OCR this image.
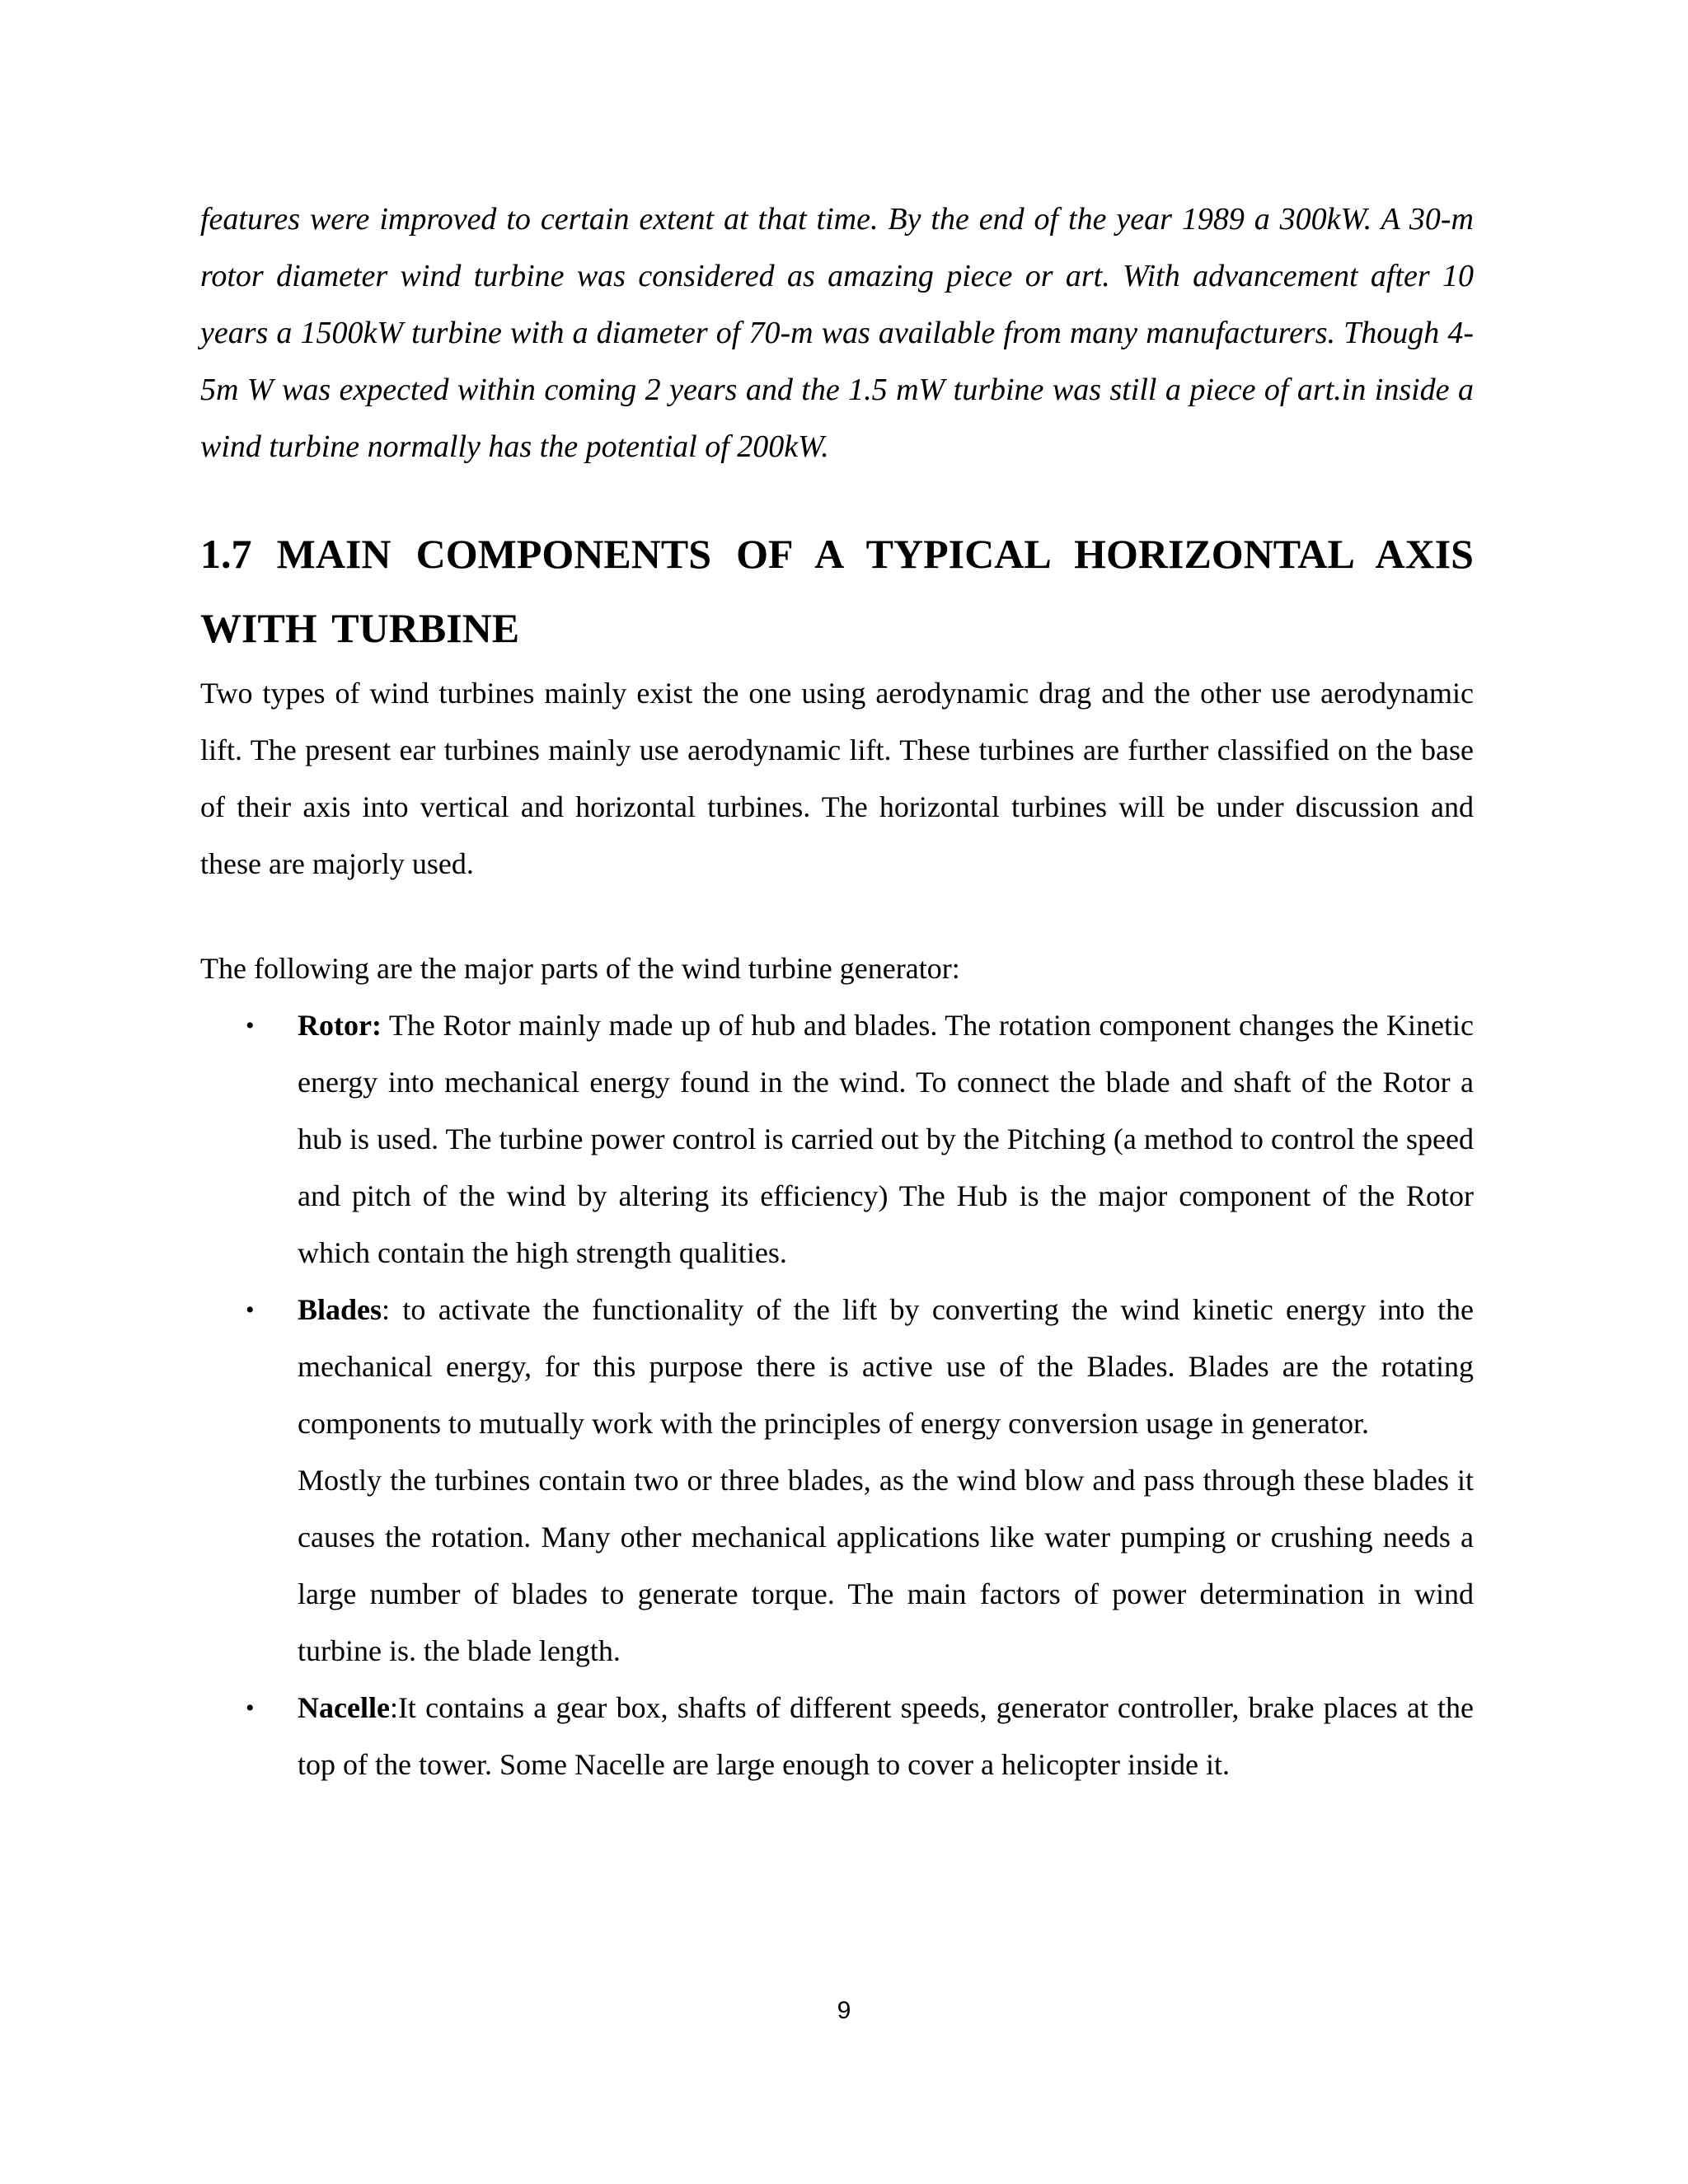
features were improved to certain extent at that time. By the end of the year 1989 a 300kW. A 30-m rotor diameter wind turbine was considered as amazing piece or art. With advancement after 10 years a 1500kW turbine with a diameter of 70-m was available from many manufacturers. Though 4-5m W was expected within coming 2 years and the 1.5 mW turbine was still a piece of art.in inside a wind turbine normally has the potential of 200kW.

1.7 MAIN COMPONENTS OF A TYPICAL HORIZONTAL AXIS WITH TURBINE

Two types of wind turbines mainly exist the one using aerodynamic drag and the other use aerodynamic lift. The present ear turbines mainly use aerodynamic lift. These turbines are further classified on the base of their axis into vertical and horizontal turbines. The horizontal turbines will be under discussion and these are majorly used.

The following are the major parts of the wind turbine generator:

• Rotor: The Rotor mainly made up of hub and blades. The rotation component changes the Kinetic energy into mechanical energy found in the wind. To connect the blade and shaft of the Rotor a hub is used. The turbine power control is carried out by the Pitching (a method to control the speed and pitch of the wind by altering its efficiency) The Hub is the major component of the Rotor which contain the high strength qualities.
• Blades: to activate the functionality of the lift by converting the wind kinetic energy into the mechanical energy, for this purpose there is active use of the Blades. Blades are the rotating components to mutually work with the principles of energy conversion usage in generator.
Mostly the turbines contain two or three blades, as the wind blow and pass through these blades it causes the rotation. Many other mechanical applications like water pumping or crushing needs a large number of blades to generate torque. The main factors of power determination in wind turbine is. the blade length.
• Nacelle:It contains a gear box, shafts of different speeds, generator controller, brake places at the top of the tower. Some Nacelle are large enough to cover a helicopter inside it.
9
